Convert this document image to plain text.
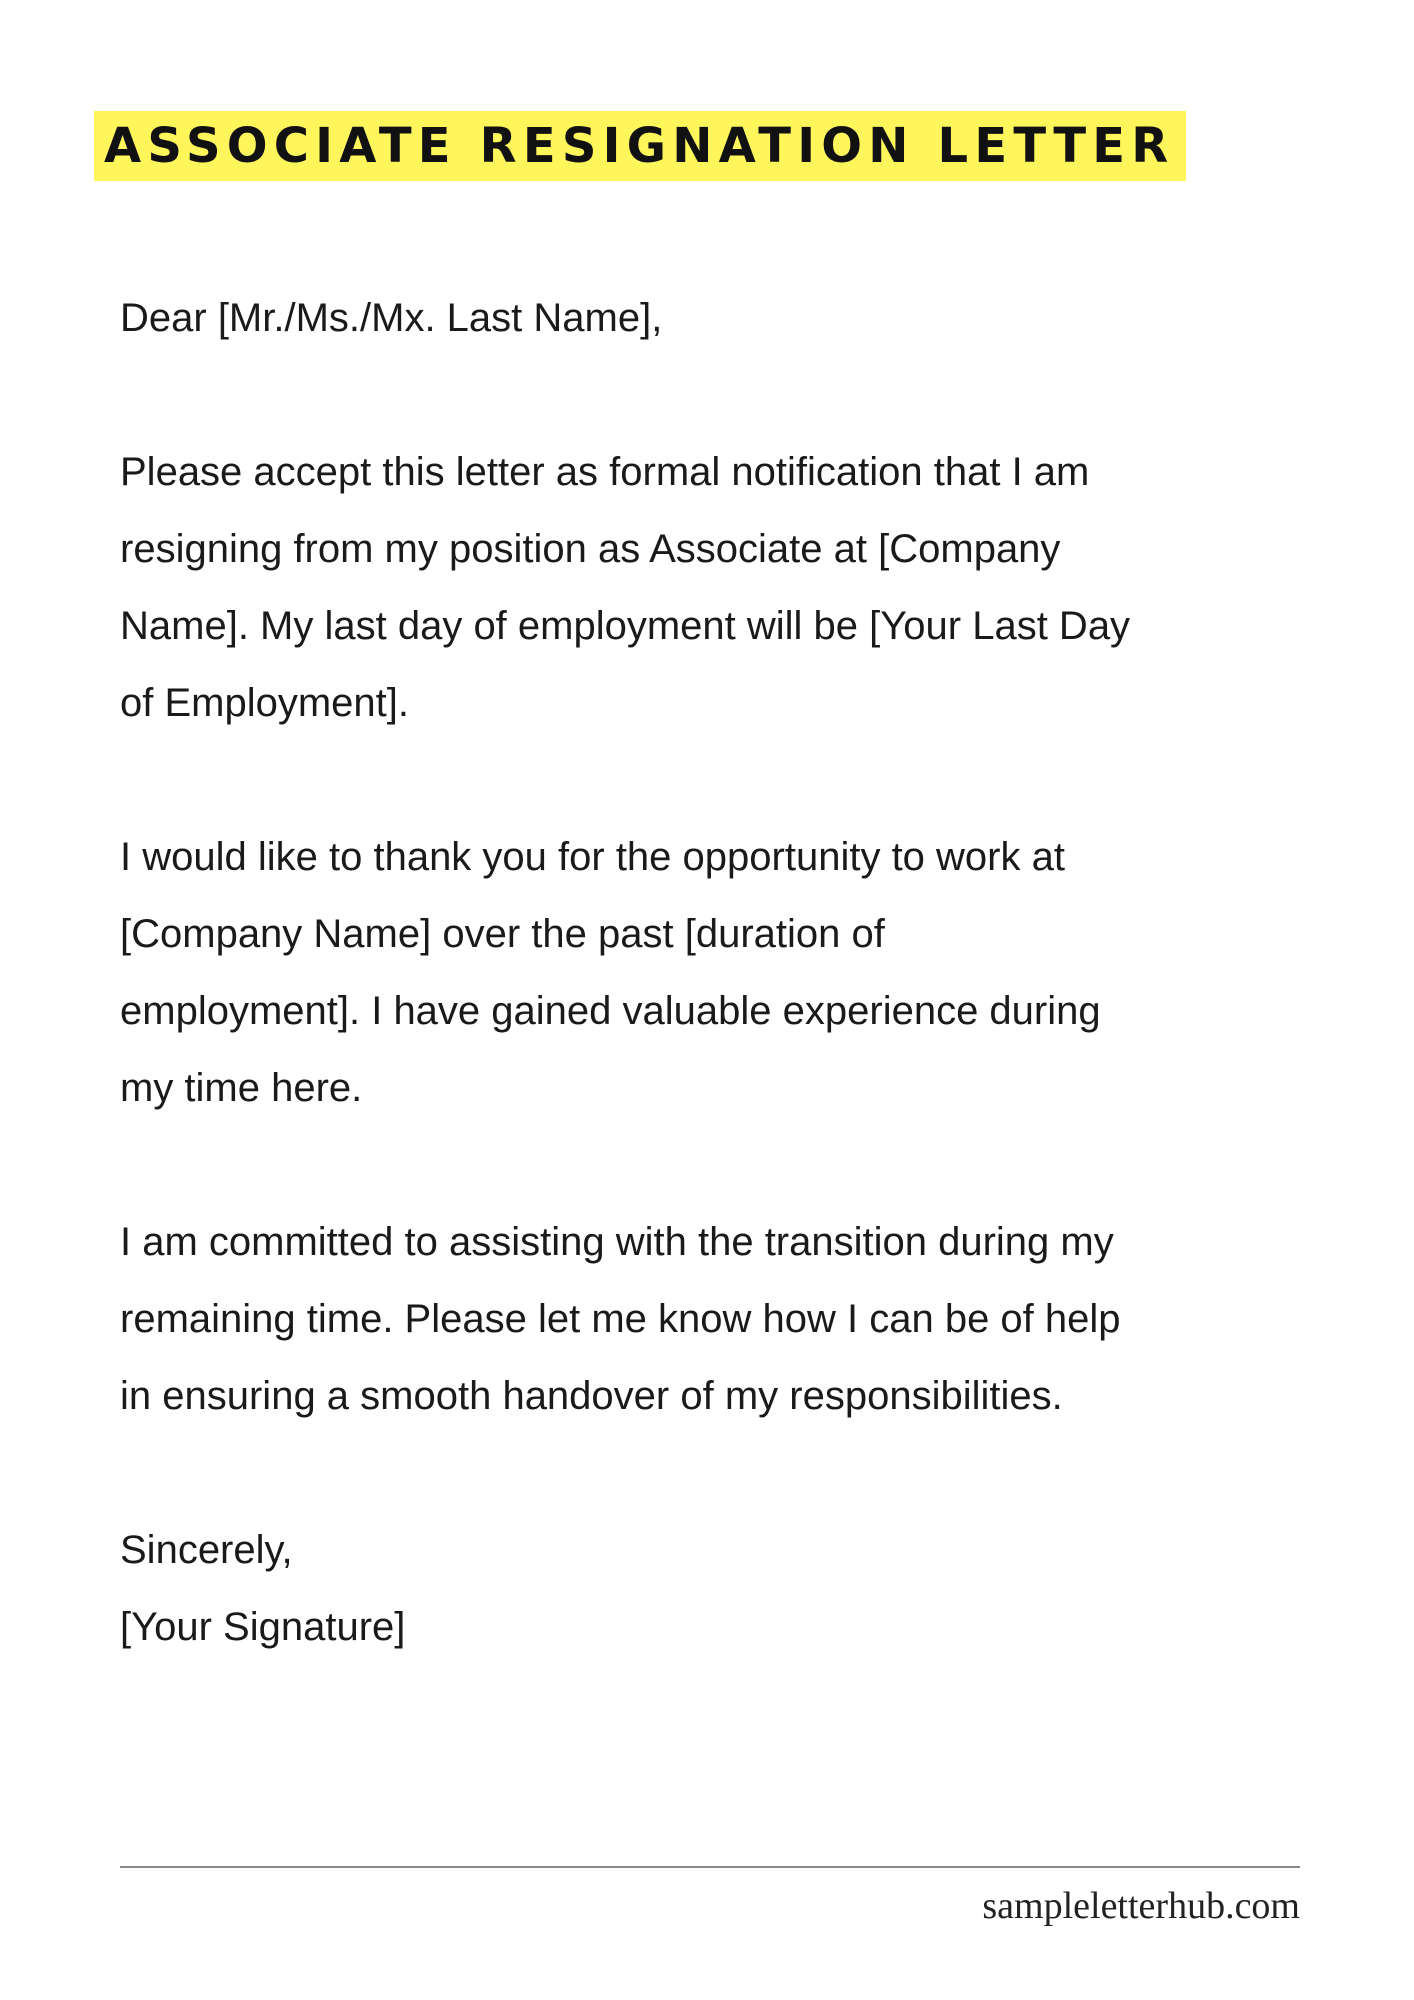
ASSOCIATE RESIGNATION LETTER

Dear [Mr./Ms./Mx. Last Name],

Please accept this letter as formal notification that I am
resigning from my position as Associate at [Company
Name]. My last day of employment will be [Your Last Day
of Employment].

I would like to thank you for the opportunity to work at
[Company Name] over the past [duration of
employment]. I have gained valuable experience during
my time here.

I am committed to assisting with the transition during my
remaining time. Please let me know how I can be of help
in ensuring a smooth handover of my responsibilities.

Sincerely,
[Your Signature]

sampleletterhub.com
